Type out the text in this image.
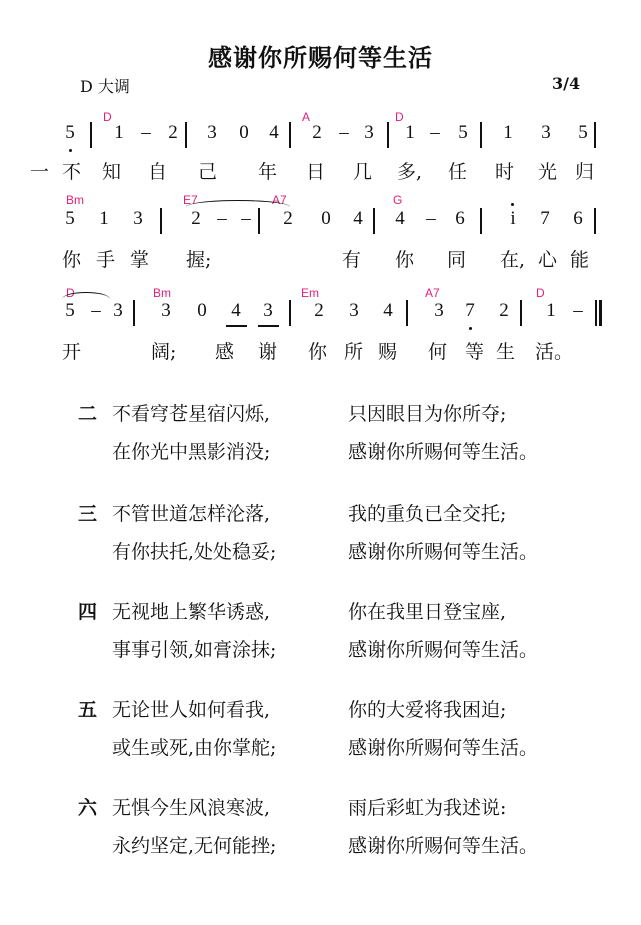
感谢你所赐何等生活
D 大调	3/4
D	A	D
5 1 – 2 3 0 4 2 – 3 1 – 5 1 3 5
一 不 知 自 己 年 日 几 多, 任 时 光 归
Bm	E7	A7	G
5 1 3	2 – – 2 0 4 4 – 6 i 7 6
你 手 掌 握;	有 你 同 在, 心 能
D	Bm	Em	A7	D
5 – 3 3 0 4 3 2 3 4 3 7 2 1 –
开	阔; 感 谢 你 所 赐 何 等 生 活。
二 不看穹苍星宿闪烁,	只因眼目为你所夺;
在你光中黑影消没;	感谢你所赐何等生活。
三 不管世道怎样沦落,	我的重负已全交托;
有你扶托,处处稳妥;	感谢你所赐何等生活。
四 无视地上繁华诱惑,	你在我里日登宝座,
事事引领,如膏涂抹;	感谢你所赐何等生活。
五 无论世人如何看我,	你的大爱将我困迫;
或生或死,由你掌舵;	感谢你所赐何等生活。
六 无惧今生风浪寒波,	雨后彩虹为我述说:
永约坚定,无何能挫;	感谢你所赐何等生活。
